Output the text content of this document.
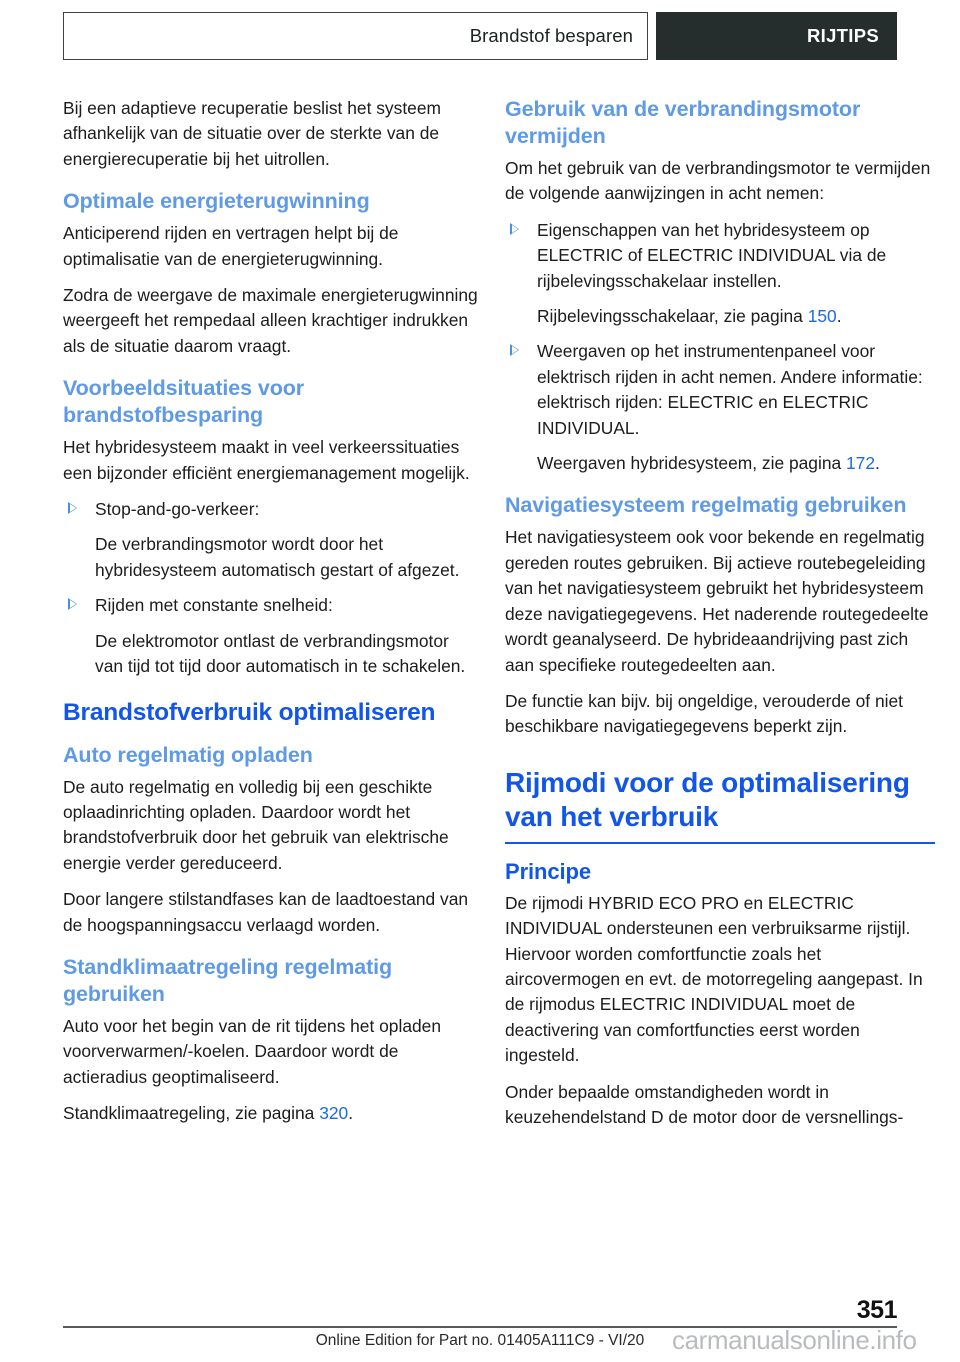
Brandstof besparen	RIJTIPS

Bij een adaptieve recuperatie beslist het systeem afhankelijk van de situatie over de sterkte van de energierecuperatie bij het uitrollen.

Optimale energieterugwinning

Anticiperend rijden en vertragen helpt bij de optimalisatie van de energieterugwinning.

Zodra de weergave de maximale energieterugwinning weergeeft het rempedaal alleen krachtiger indrukken als de situatie daarom vraagt.

Voorbeeldsituaties voor brandstofbesparing

Het hybridesysteem maakt in veel verkeerssituaties een bijzonder efficiënt energiemanagement mogelijk.

Stop-and-go-verkeer:
De verbrandingsmotor wordt door het hybridesysteem automatisch gestart of afgezet.
Rijden met constante snelheid:
De elektromotor ontlast de verbrandingsmotor van tijd tot tijd door automatisch in te schakelen.
Brandstofverbruik optimaliseren
Auto regelmatig opladen

De auto regelmatig en volledig bij een geschikte oplaadinrichting opladen. Daardoor wordt het brandstofverbruik door het gebruik van elektrische energie verder gereduceerd.

Door langere stilstandfases kan de laadtoestand van de hoogspanningsaccu verlaagd worden.

Standklimaatregeling regelmatig gebruiken

Auto voor het begin van de rit tijdens het opladen voorverwarmen/-koelen. Daardoor wordt de actieradius geoptimaliseerd.

Standklimaatregeling, zie pagina 320.

Gebruik van de verbrandingsmotor vermijden

Om het gebruik van de verbrandingsmotor te vermijden de volgende aanwijzingen in acht nemen:

Eigenschappen van het hybridesysteem op ELECTRIC of ELECTRIC INDIVIDUAL via de rijbelevingsschakelaar instellen.
Rijbelevingsschakelaar, zie pagina 150.
Weergaven op het instrumentenpaneel voor elektrisch rijden in acht nemen. Andere informatie: elektrisch rijden: ELECTRIC en ELECTRIC INDIVIDUAL.
Weergaven hybridesysteem, zie pagina 172.
Navigatiesysteem regelmatig gebruiken

Het navigatiesysteem ook voor bekende en regelmatig gereden routes gebruiken. Bij actieve routebegeleiding van het navigatiesysteem gebruikt het hybridesysteem deze navigatiegegevens. Het naderende routegedeelte wordt geanalyseerd. De hybrideaandrijving past zich aan specifieke routegedeelten aan.

De functie kan bijv. bij ongeldige, verouderde of niet beschikbare navigatiegegevens beperkt zijn.

Rijmodi voor de optimalisering van het verbruik
Principe

De rijmodi HYBRID ECO PRO en ELECTRIC INDIVIDUAL ondersteunen een verbruiksarme rijstijl. Hiervoor worden comfortfunctie zoals het aircovermogen en evt. de motorregeling aangepast. In de rijmodus ELECTRIC INDIVIDUAL moet de deactivering van comfortfuncties eerst worden ingesteld.

Onder bepaalde omstandigheden wordt in keuzehendelstand D de motor door de versnellings-

351
Online Edition for Part no. 01405A111C9 - VI/20	carmanualsonline.info
